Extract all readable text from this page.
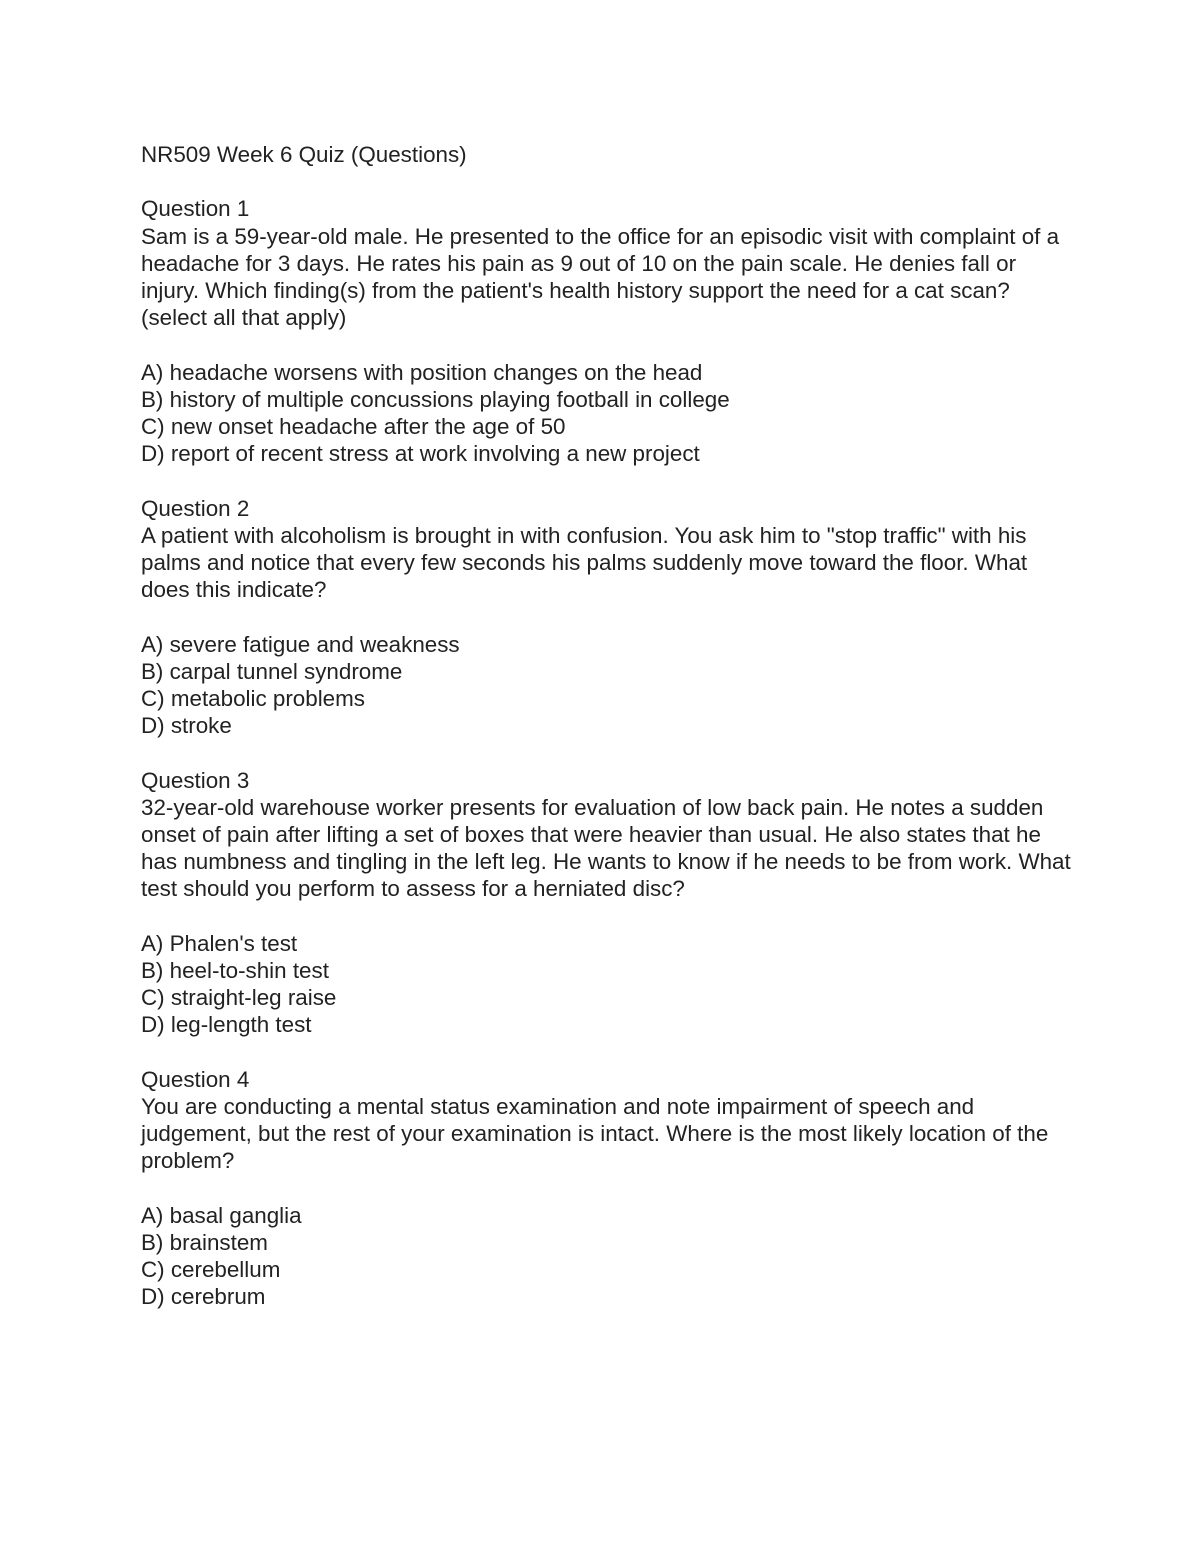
NR509 Week 6 Quiz (Questions)
Question 1
Sam is a 59-year-old male. He presented to the office for an episodic visit with complaint of a headache for 3 days. He rates his pain as 9 out of 10 on the pain scale. He denies fall or injury. Which finding(s) from the patient's health history support the need for a cat scan? (select all that apply)
A) headache worsens with position changes on the head
B) history of multiple concussions playing football in college
C) new onset headache after the age of 50
D) report of recent stress at work involving a new project
Question 2
A patient with alcoholism is brought in with confusion. You ask him to "stop traffic" with his palms and notice that every few seconds his palms suddenly move toward the floor. What does this indicate?
A) severe fatigue and weakness
B) carpal tunnel syndrome
C) metabolic problems
D) stroke
Question 3
32-year-old warehouse worker presents for evaluation of low back pain. He notes a sudden onset of pain after lifting a set of boxes that were heavier than usual. He also states that he has numbness and tingling in the left leg. He wants to know if he needs to be from work. What test should you perform to assess for a herniated disc?
A) Phalen's test
B) heel-to-shin test
C) straight-leg raise
D) leg-length test
Question 4
You are conducting a mental status examination and note impairment of speech and judgement, but the rest of your examination is intact. Where is the most likely location of the problem?
A) basal ganglia
B) brainstem
C) cerebellum
D) cerebrum
